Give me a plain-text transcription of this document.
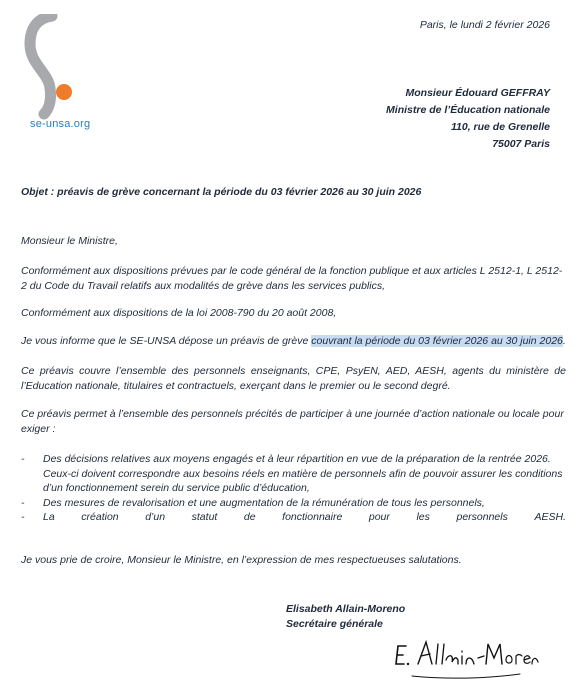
se-unsa.org
Paris, le lundi 2 février 2026
Monsieur Édouard GEFFRAY
Ministre de l’Éducation nationale
110, rue de Grenelle
75007 Paris
Objet : préavis de grève concernant la période du 03 février 2026 au 30 juin 2026

Monsieur le Ministre,

Conformément aux dispositions prévues par le code général de la fonction publique et aux articles L 2512-1, L 2512-2 du Code du Travail relatifs aux modalités de grève dans les services publics,

Conformément aux dispositions de la loi 2008-790 du 20 août 2008,

Je vous informe que le SE-UNSA dépose un préavis de grève couvrant la période du 03 février 2026 au 30 juin 2026.

Ce préavis couvre l’ensemble des personnels enseignants, CPE, PsyEN, AED, AESH, agents du ministère de l’Education nationale, titulaires et contractuels, exerçant dans le premier ou le second degré.

Ce préavis permet à l’ensemble des personnels précités de participer à une journée d’action nationale ou locale pour exiger :

-	Des décisions relatives aux moyens engagés et à leur répartition en vue de la préparation de la rentrée 2026. Ceux-ci doivent correspondre aux besoins réels en matière de personnels afin de pouvoir assurer les conditions d’un fonctionnement serein du service public d’éducation,
-	Des mesures de revalorisation et une augmentation de la rémunération de tous les personnels,
-	La	création	d’un	statut	de	fonctionnaire	pour	les	personnels	AESH.

Je vous prie de croire, Monsieur le Ministre, en l’expression de mes respectueuses salutations.

Elisabeth Allain-Moreno
Secrétaire générale
